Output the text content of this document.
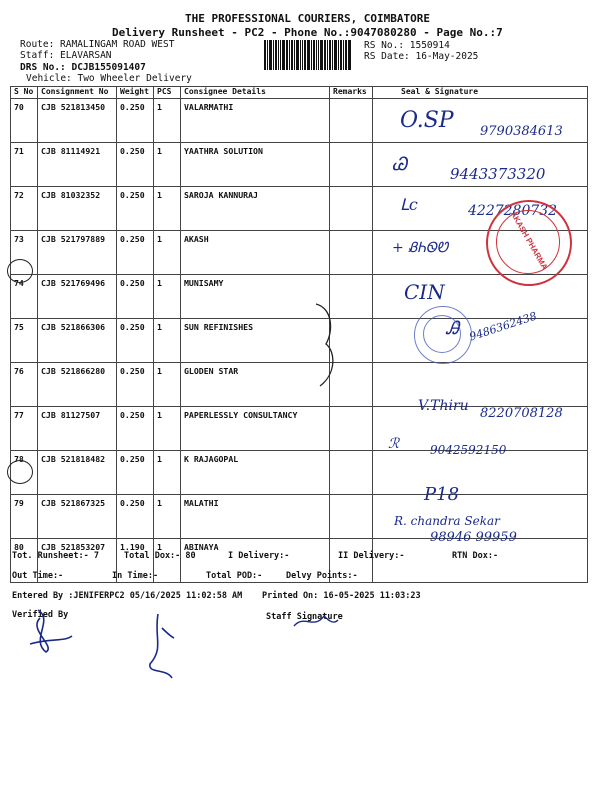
THE PROFESSIONAL COURIERS, COIMBATORE
Delivery Runsheet - PC2 - Phone No.:9047080280 - Page No.:7
Route: RAMALINGAM ROAD WEST
Staff: ELAVARSAN
DRS No.: DCJB155091407
Vehicle: Two Wheeler Delivery
RS No.: 1550914
RS Date: 16-May-2025
S No	Consignment No	Weight	PCS	Consignee Details	Remarks	Seal & Signature
70	CJB 521813450	0.250	1	VALARMATHI		
71	CJB 81114921	0.250	1	YAATHRA SOLUTION		
72	CJB 81032352	0.250	1	SAROJA KANNURAJ		
73	CJB 521797889	0.250	1	AKASH		
74	CJB 521769496	0.250	1	MUNISAMY		
75	CJB 521866306	0.250	1	SUN REFINISHES		
76	CJB 521866280	0.250	1	GLODEN STAR		
77	CJB 81127507	0.250	1	PAPERLESSLY CONSULTANCY		
78	CJB 521818482	0.250	1	K RAJAGOPAL		
79	CJB 521867325	0.250	1	MALATHI		
80	CJB 521853207	1.190	1	ABINAYA		
O.SP 9790384613
Ꮚ	9443373320
ᒪc	4227280732
+ ᏰᏂᏫᏬ
CIN
Ꭿ 9486362438
V.Thiru 8220708128
ℛ	9042592150
P18
R. chandra Sekar
98946 99959
AKASH PHARMA
Tot. Runsheet:- 7	Total Dox:- 80	I Delivery:-	II Delivery:-	RTN Dox:-
Out Time:-	In Time:-	Total POD:-	Delvy Points:-
Entered By :JENIFERPC2 05/16/2025 11:02:58 AM Printed On: 16-05-2025 11:03:23
Verified By	Staff Signature
